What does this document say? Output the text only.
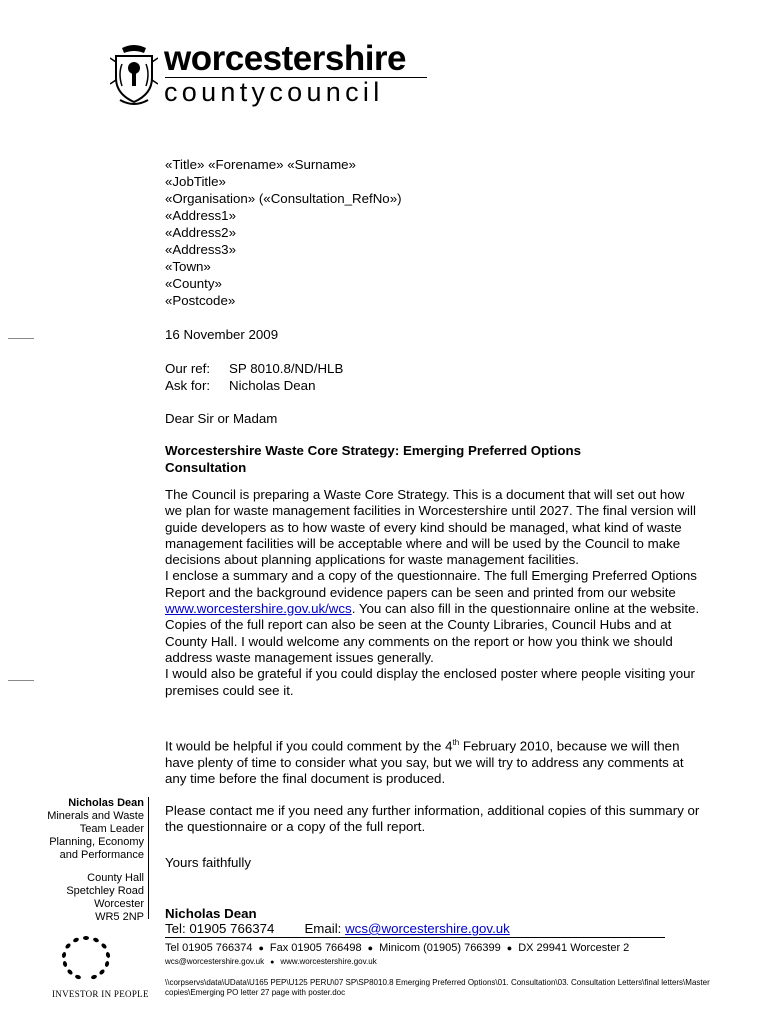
worcestershire
countycouncil
«Title» «Forename» «Surname»
«JobTitle»
«Organisation» («Consultation_RefNo»)
«Address1»
«Address2»
«Address3»
«Town»
«County»
«Postcode»
16 November 2009
Our ref: SP 8010.8/ND/HLB
Ask for: Nicholas Dean
Dear Sir or Madam
Worcestershire Waste Core Strategy: Emerging Preferred Options Consultation

The Council is preparing a Waste Core Strategy. This is a document that will set out how we plan for waste management facilities in Worcestershire until 2027. The final version will guide developers as to how waste of every kind should be managed, what kind of waste management facilities will be acceptable where and will be used by the Council to make decisions about planning applications for waste management facilities.

I enclose a summary and a copy of the questionnaire. The full Emerging Preferred Options Report and the background evidence papers can be seen and printed from our website www.worcestershire.gov.uk/wcs. You can also fill in the questionnaire online at the website. Copies of the full report can also be seen at the County Libraries, Council Hubs and at County Hall. I would welcome any comments on the report or how you think we should address waste management issues generally.

I would also be grateful if you could display the enclosed poster where people visiting your premises could see it.

It would be helpful if you could comment by the 4th February 2010, because we will then have plenty of time to consider what you say, but we will try to address any comments at any time before the final document is produced.
Please contact me if you need any further information, additional copies of this summary or the questionnaire or a copy of the full report.
Yours faithfully
Nicholas Dean
Tel: 01905 766374 Email: wcs@worcestershire.gov.uk
Nicholas Dean
Minerals and Waste
Team Leader
Planning, Economy
and Performance
County Hall
Spetchley Road
Worcester
WR5 2NP
INVESTOR IN PEOPLE
Tel 01905 766374 ● Fax 01905 766498 ● Minicom (01905) 766399 ● DX 29941 Worcester 2
wcs@worcestershire.gov.uk ● www.worcestershire.gov.uk
\\corpservs\data\UData\U165 PEP\U125 PERU\07 SP\SP8010.8 Emerging Preferred Options\01. Consultation\03. Consultation Letters\final letters\Master copies\Emerging PO letter 27 page with poster.doc
